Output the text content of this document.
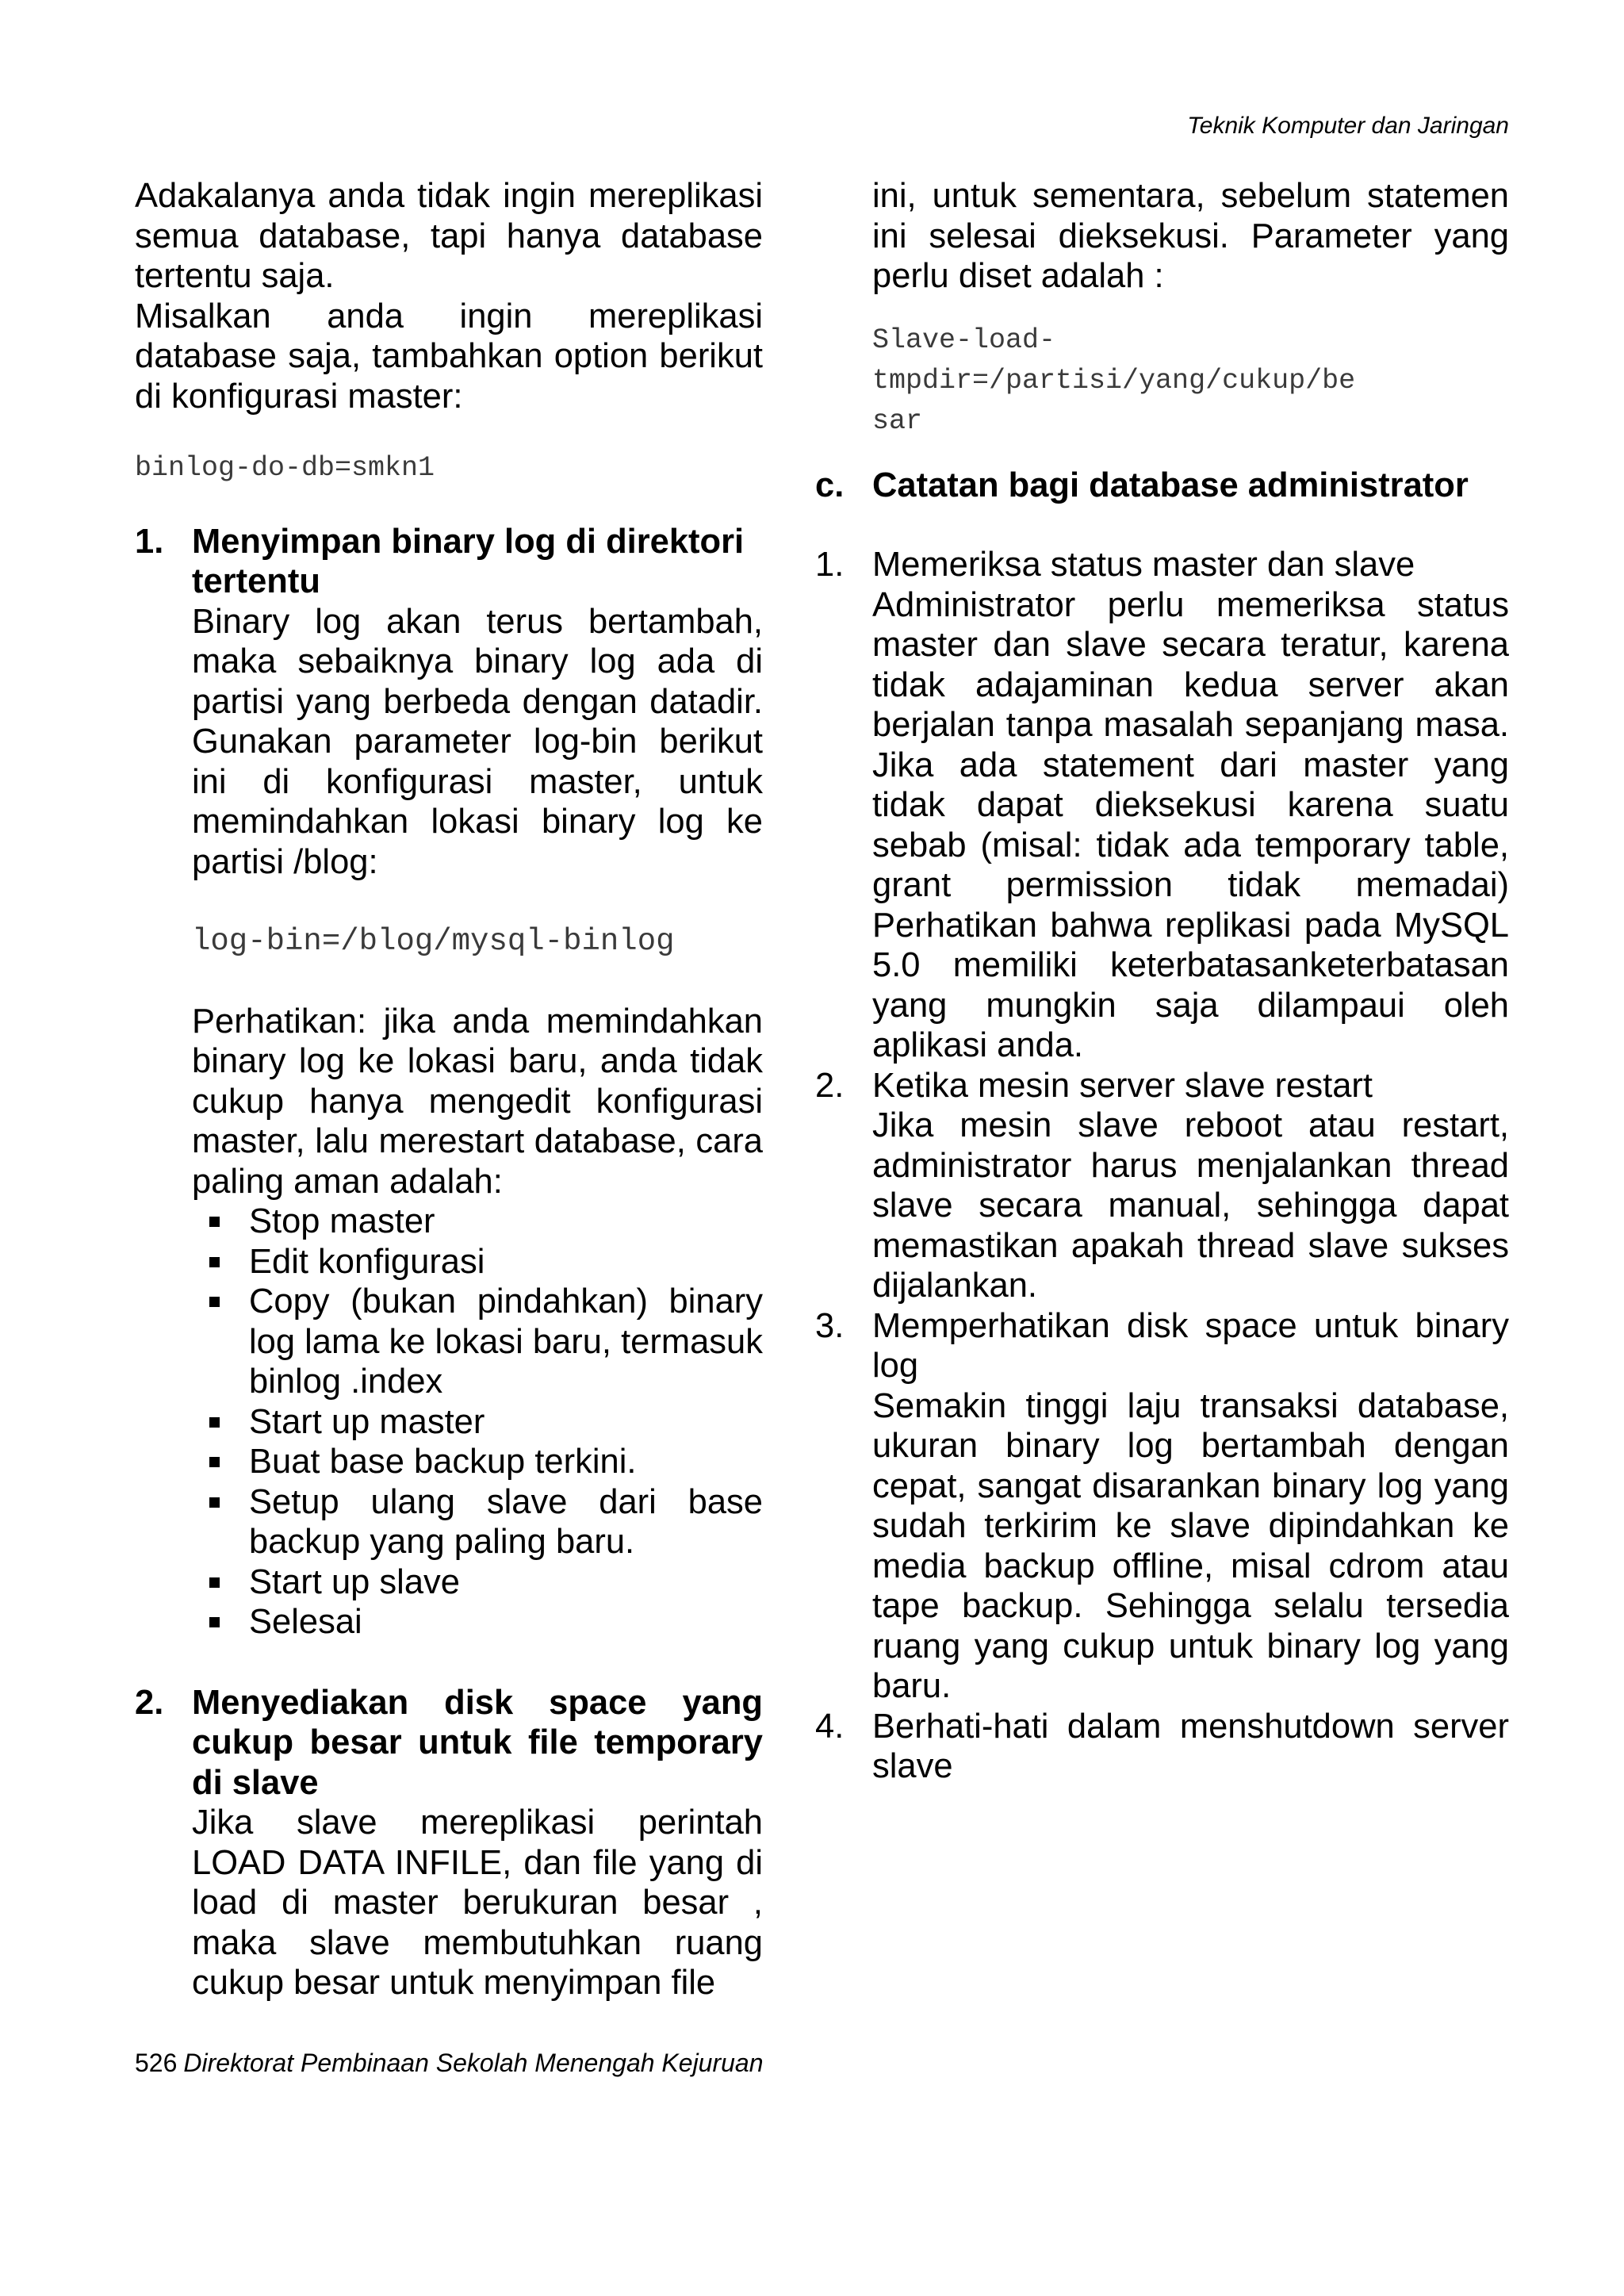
Teknik Komputer dan Jaringan

Adakalanya anda tidak ingin mereplikasi semua database, tapi hanya database tertentu saja.

Misalkan anda ingin mereplikasi database saja, tambahkan option berikut di konfigurasi master:

binlog-do-db=smkn1

1. Menyimpan binary log di direktori tertentu

Binary log akan terus bertambah, maka sebaiknya binary log ada di partisi yang berbeda dengan datadir. Gunakan parameter log-bin berikut ini di konfigurasi master, untuk memindahkan lokasi binary log ke partisi /blog:

log-bin=/blog/mysql-binlog

Perhatikan: jika anda memindahkan binary log ke lokasi baru, anda tidak cukup hanya mengedit konfigurasi master, lalu merestart database, cara paling aman adalah:

Stop master
Edit konfigurasi
Copy (bukan pindahkan) binary log lama ke lokasi baru, termasuk binlog .index
Start up master
Buat base backup terkini.
Setup ulang slave dari base backup yang paling baru.
Start up slave
Selesai
2. Menyediakan disk space yang cukup besar untuk file temporary di slave

Jika slave mereplikasi perintah LOAD DATA INFILE, dan file yang di load di master berukuran besar , maka slave membutuhkan ruang cukup besar untuk menyimpan file

ini, untuk sementara, sebelum statemen ini selesai dieksekusi. Parameter yang perlu diset adalah :

Slave-load-

tmpdir=/partisi/yang/cukup/be

sar

c. Catatan bagi database administrator

1. Memeriksa status master dan slave

Administrator perlu memeriksa status master dan slave secara teratur, karena tidak adajaminan kedua server akan berjalan tanpa masalah sepanjang masa. Jika ada statement dari master yang tidak dapat dieksekusi karena suatu sebab (misal: tidak ada temporary table, grant permission tidak memadai) Perhatikan bahwa replikasi pada MySQL 5.0 memiliki keterbatasanketerbatasan yang mungkin saja dilampaui oleh aplikasi anda.

2. Ketika mesin server slave restart

Jika mesin slave reboot atau restart, administrator harus menjalankan thread slave secara manual, sehingga dapat memastikan apakah thread slave sukses dijalankan.

3. Memperhatikan disk space untuk binary log

Semakin tinggi laju transaksi database, ukuran binary log bertambah dengan cepat, sangat disarankan binary log yang sudah terkirim ke slave dipindahkan ke media backup offline, misal cdrom atau tape backup. Sehingga selalu tersedia ruang yang cukup untuk binary log yang baru.

4. Berhati-hati dalam menshutdown server slave

526 Direktorat Pembinaan Sekolah Menengah Kejuruan
